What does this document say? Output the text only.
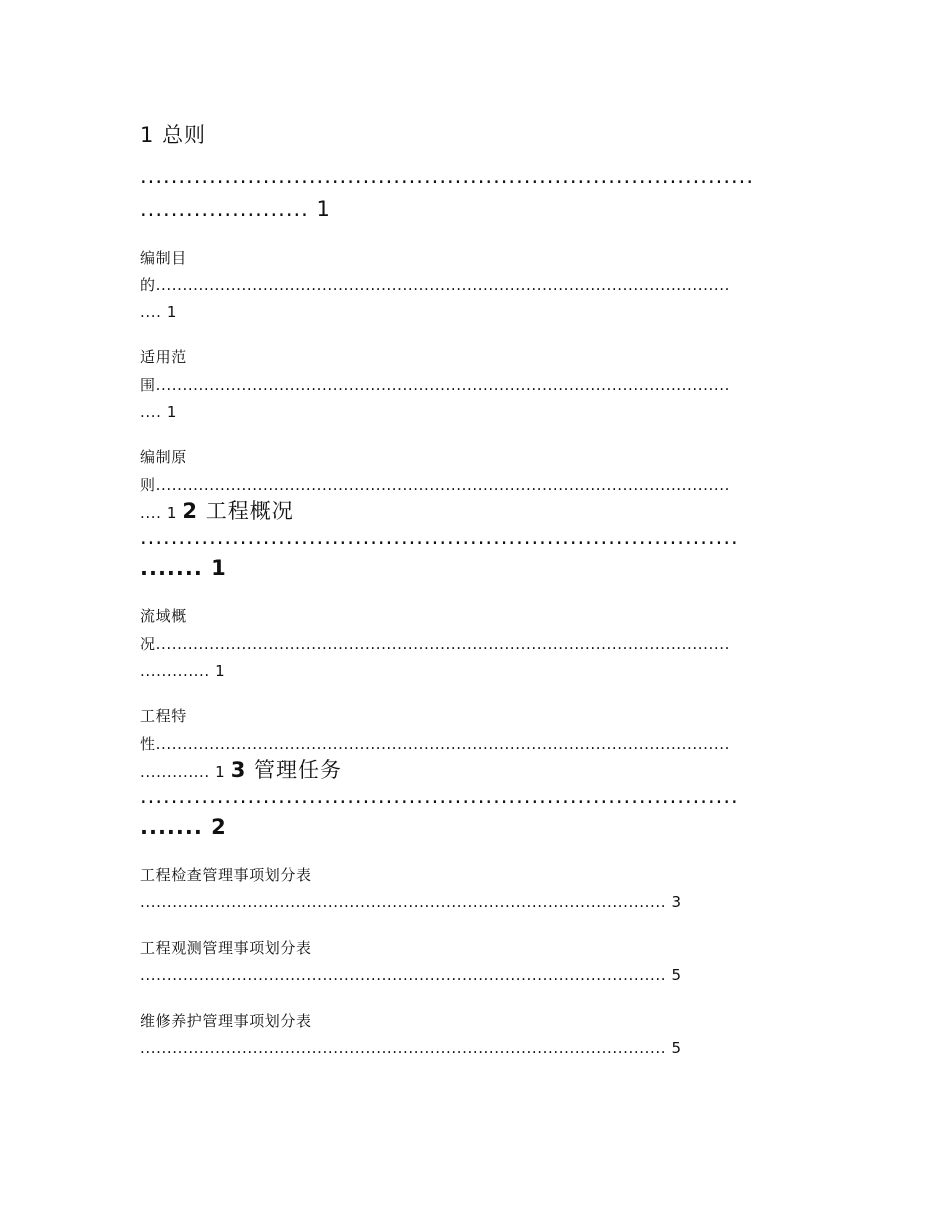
1 总则
................................................................................
...................... 1
编制目
的...........................................................................................................
.... 1
适用范
围...........................................................................................................
.... 1
编制原
则...........................................................................................................
.... 1 2 工程概况
..............................................................................
....... 1
流域概
况...........................................................................................................
............. 1
工程特
性...........................................................................................................
............. 1 3 管理任务
..............................................................................
....... 2
工程检查管理事项划分表
.................................................................................................. 3
工程观测管理事项划分表
.................................................................................................. 5
维修养护管理事项划分表
.................................................................................................. 5
